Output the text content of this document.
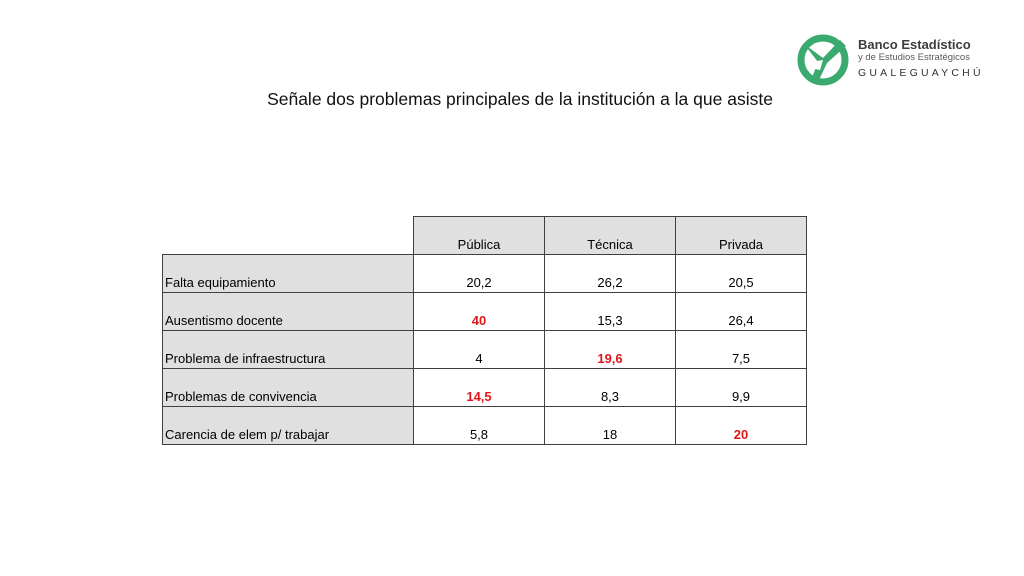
Banco Estadístico
y de Estudios Estratégicos
GUALEGUAYCHÚ
Señale dos problemas principales de la institución a la que asiste
	Pública	Técnica	Privada
Falta equipamiento	20,2	26,2	20,5
Ausentismo docente	40	15,3	26,4
Problema de infraestructura	4	19,6	7,5
Problemas de convivencia	14,5	8,3	9,9
Carencia de elem p/ trabajar	5,8	18	20
